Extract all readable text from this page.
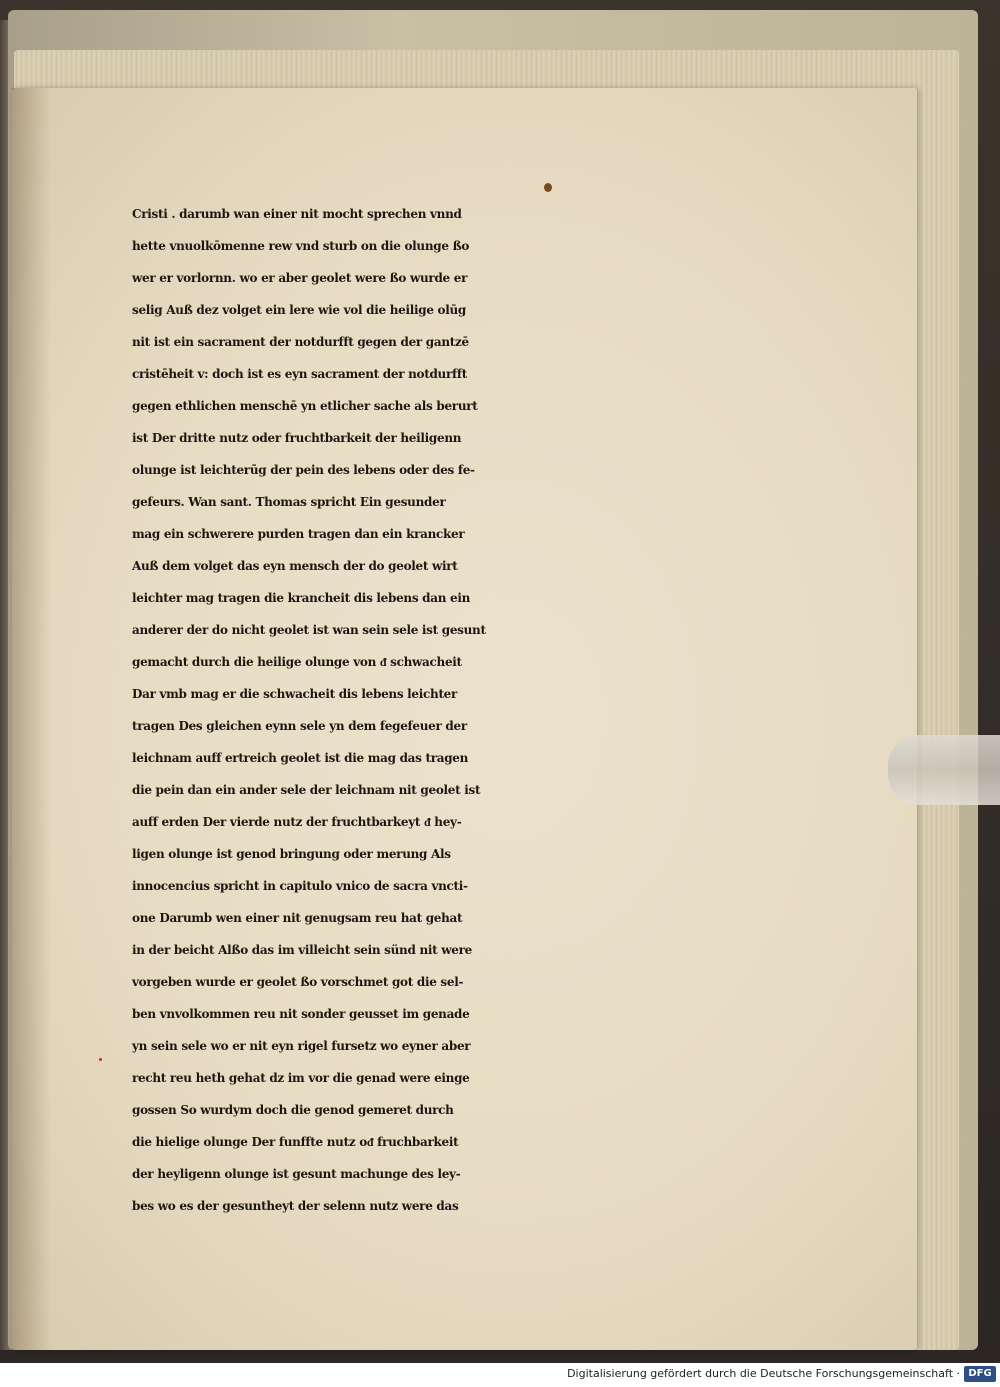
Cristi . darumb wan einer nit mocht sprechen vnnd
hette vnuolkōmenne rew vnd sturb on die olunge ßo
wer er vorlornn. wo er aber geolet were ßo wurde er
selig Auß dez volget ein lere wie vol die heilige olūg
nit ist ein sacrament der notdurfft gegen der gantzē
cristēheit v: doch ist es eyn sacrament der notdurfft
gegen ethlichen menschē yn etlicher sache als berurt
ist Der dritte nutz oder fruchtbarkeit der heiligenn
olunge ist leichterūg der pein des lebens oder des fe-
gefeurs. Wan sant. Thomas spricht Ein gesunder
mag ein schwerere purden tragen dan ein krancker
Auß dem volget das eyn mensch der do geolet wirt
leichter mag tragen die krancheit dis lebens dan ein
anderer der do nicht geolet ist wan sein sele ist gesunt
gemacht durch die heilige olunge von ᵭ schwacheit
Dar vmb mag er die schwacheit dis lebens leichter
tragen Des gleichen eynn sele yn dem fegefeuer der
leichnam auff ertreich geolet ist die mag das tragen
die pein dan ein ander sele der leichnam nit geolet ist
auff erden Der vierde nutz der fruchtbarkeyt ᵭ hey-
ligen olunge ist genod bringung oder merung Als
innocencius spricht in capitulo vnico de sacra vncti-
one Darumb wen einer nit genugsam reu hat gehat
in der beicht Alßo das im villeicht sein sünd nit were
vorgeben wurde er geolet ßo vorschmet got die sel-
ben vnvolkommen reu nit sonder geusset im genade
yn sein sele wo er nit eyn rigel fursetz wo eyner aber
recht reu heth gehat dz im vor die genad were einge
gossen So wurdym doch die genod gemeret durch
die hielige olunge Der funffte nutz oᵭ fruchbarkeit
der heyligenn olunge ist gesunt machunge des ley-
bes wo es der gesuntheyt der selenn nutz were das
Digitalisierung gefördert durch die Deutsche Forschungsgemeinschaft · DFG
